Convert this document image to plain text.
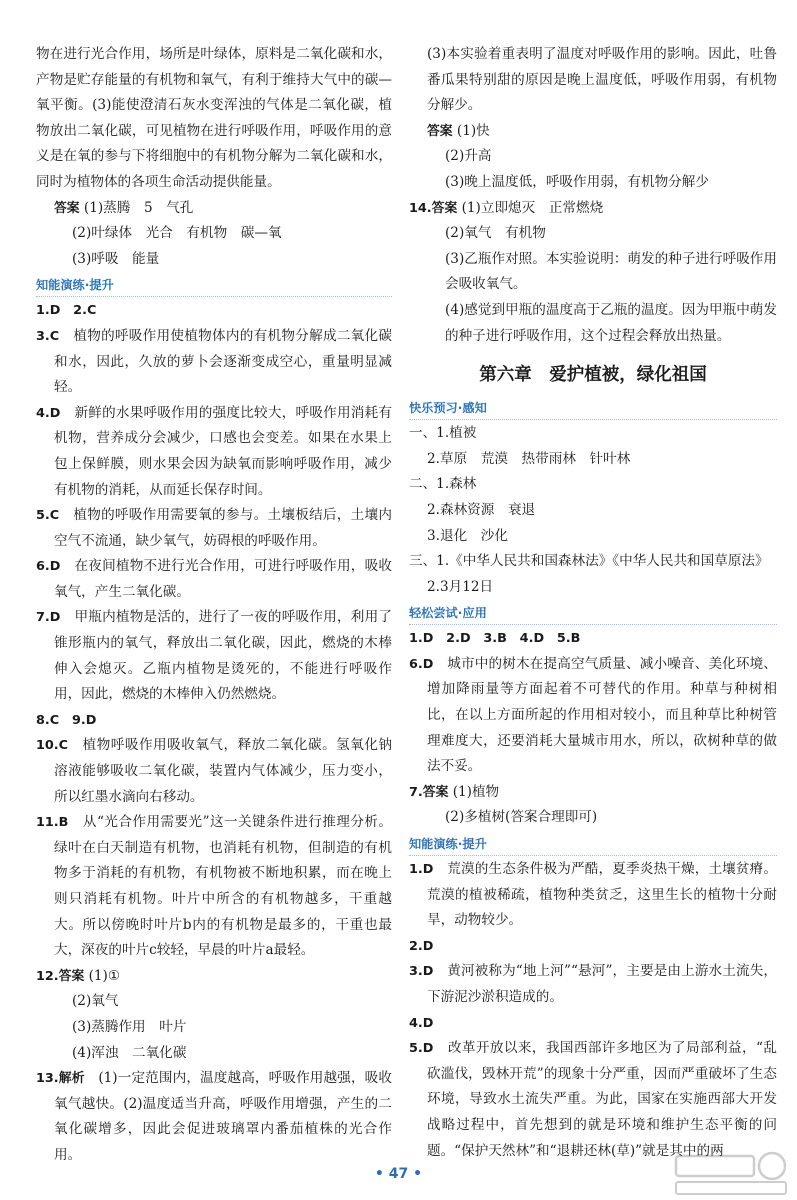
物在进行光合作用，场所是叶绿体，原料是二氧化碳和水，产物是贮存能量的有机物和氧气，有利于维持大气中的碳—氧平衡。(3)能使澄清石灰水变浑浊的气体是二氧化碳，植物放出二氧化碳，可见植物在进行呼吸作用，呼吸作用的意义是在氧的参与下将细胞中的有机物分解为二氧化碳和水，同时为植物体的各项生命活动提供能量。

答案 (1)蒸腾　5　气孔

(2)叶绿体　光合　有机物　碳—氧

(3)呼吸　能量

知能演练·提升

1.D　2.C

3.C　 植物的呼吸作用使植物体内的有机物分解成二氧化碳和水，因此，久放的萝卜会逐渐变成空心，重量明显减轻。

4.D　 新鲜的水果呼吸作用的强度比较大，呼吸作用消耗有机物，营养成分会减少，口感也会变差。如果在水果上包上保鲜膜，则水果会因为缺氧而影响呼吸作用，减少有机物的消耗，从而延长保存时间。

5.C　 植物的呼吸作用需要氧的参与。土壤板结后，土壤内空气不流通，缺少氧气，妨碍根的呼吸作用。

6.D　 在夜间植物不进行光合作用，可进行呼吸作用，吸收氧气，产生二氧化碳。

7.D　 甲瓶内植物是活的，进行了一夜的呼吸作用，利用了锥形瓶内的氧气，释放出二氧化碳，因此，燃烧的木棒伸入会熄灭。乙瓶内植物是烫死的，不能进行呼吸作用，因此，燃烧的木棒伸入仍然燃烧。

8.C　9.D

10.C　 植物呼吸作用吸收氧气，释放二氧化碳。氢氧化钠溶液能够吸收二氧化碳，装置内气体减少，压力变小，所以红墨水滴向右移动。

11.B　 从“光合作用需要光”这一关键条件进行推理分析。绿叶在白天制造有机物，也消耗有机物，但制造的有机物多于消耗的有机物，有机物被不断地积累，而在晚上则只消耗有机物。叶片中所含的有机物越多，干重越大。所以傍晚时叶片b内的有机物是最多的，干重也最大，深夜的叶片c较轻，早晨的叶片a最轻。

12.答案 (1)①

(2)氧气

(3)蒸腾作用　叶片

(4)浑浊　二氧化碳

13.解析　 (1)一定范围内，温度越高，呼吸作用越强，吸收氧气越快。(2)温度适当升高，呼吸作用增强，产生的二氧化碳增多，因此会促进玻璃罩内番茄植株的光合作用。

(3)本实验着重表明了温度对呼吸作用的影响。因此，吐鲁番瓜果特别甜的原因是晚上温度低，呼吸作用弱，有机物分解少。

答案 (1)快

(2)升高

(3)晚上温度低，呼吸作用弱，有机物分解少

14.答案 (1)立即熄灭　正常燃烧

(2)氧气　有机物

(3)乙瓶作对照。本实验说明：萌发的种子进行呼吸作用会吸收氧气。

(4)感觉到甲瓶的温度高于乙瓶的温度。因为甲瓶中萌发的种子进行呼吸作用，这个过程会释放出热量。

第六章　爱护植被，绿化祖国
快乐预习·感知

一、1.植被

2.草原　荒漠　热带雨林　针叶林

二、1.森林

2.森林资源　衰退

3.退化　沙化

三、1.《中华人民共和国森林法》《中华人民共和国草原法》

2.3月12日

轻松尝试·应用

1.D　2.D　3.B　4.D　5.B

6.D　 城市中的树木在提高空气质量、减小噪音、美化环境、增加降雨量等方面起着不可替代的作用。种草与种树相比，在以上方面所起的作用相对较小，而且种草比种树管理难度大，还要消耗大量城市用水，所以，砍树种草的做法不妥。

7.答案 (1)植物

(2)多植树(答案合理即可)

知能演练·提升

1.D　 荒漠的生态条件极为严酷，夏季炎热干燥，土壤贫瘠。荒漠的植被稀疏，植物种类贫乏，这里生长的植物十分耐旱，动物较少。

2.D

3.D　 黄河被称为“地上河”“悬河”，主要是由上游水土流失，下游泥沙淤积造成的。

4.D

5.D　 改革开放以来，我国西部许多地区为了局部利益，“乱砍滥伐，毁林开荒”的现象十分严重，因而严重破坏了生态环境，导致水土流失严重。为此，国家在实施西部大开发战略过程中，首先想到的就是环境和维护生态平衡的问题。“保护天然林”和“退耕还林(草)”就是其中的两

• 47 •
